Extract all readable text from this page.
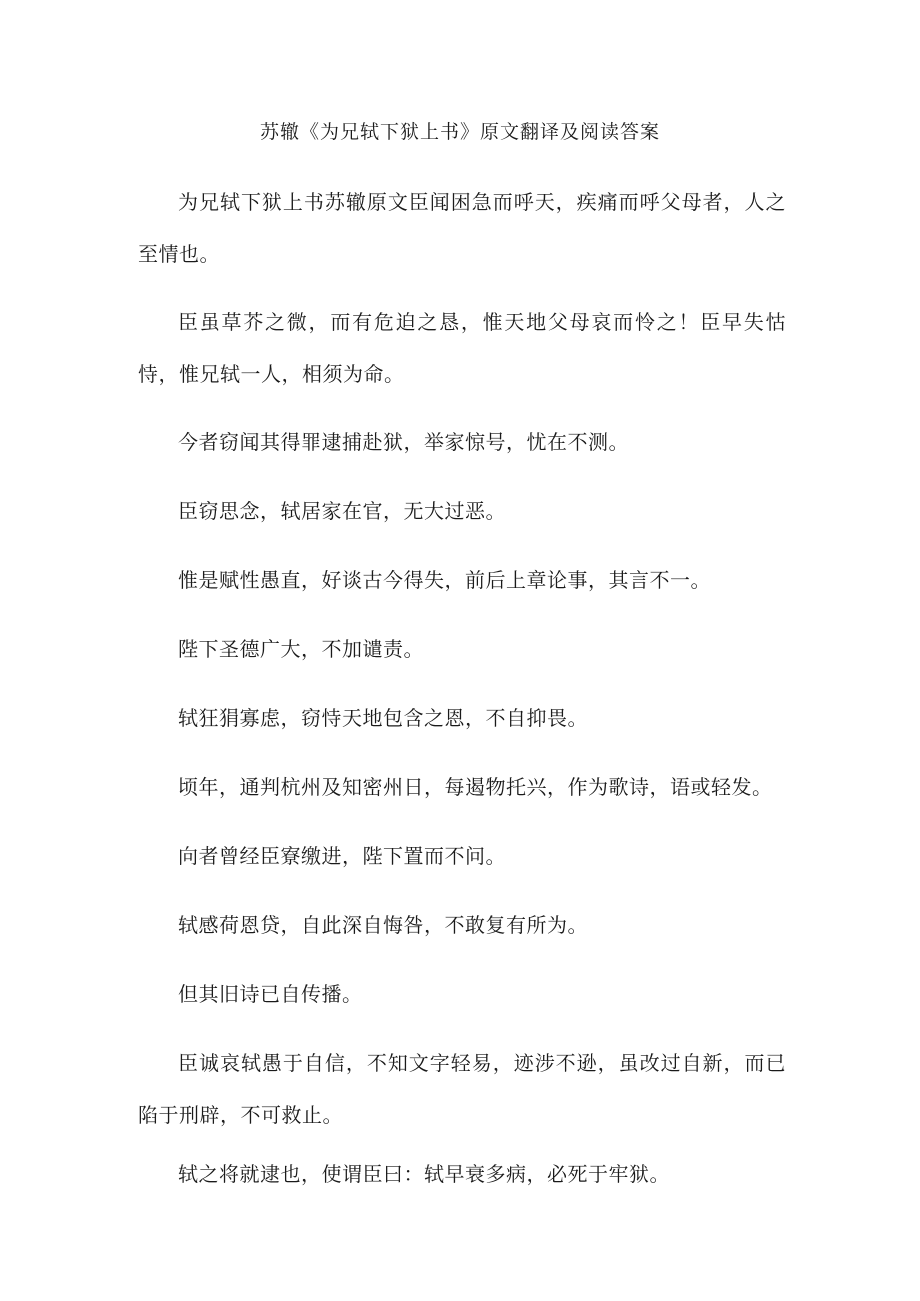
苏辙《为兄轼下狱上书》原文翻译及阅读答案

为兄轼下狱上书苏辙原文臣闻困急而呼天，疾痛而呼父母者，人之至情也。

臣虽草芥之微，而有危迫之恳，惟天地父母哀而怜之！臣早失怙恃，惟兄轼一人，相须为命。

今者窃闻其得罪逮捕赴狱，举家惊号，忧在不测。

臣窃思念，轼居家在官，无大过恶。

惟是赋性愚直，好谈古今得失，前后上章论事，其言不一。

陛下圣德广大，不加谴责。

轼狂狷寡虑，窃恃天地包含之恩，不自抑畏。

顷年，通判杭州及知密州日，每遏物托兴，作为歌诗，语或轻发。

向者曾经臣寮缴进，陛下置而不问。

轼感荷恩贷，自此深自悔咎，不敢复有所为。

但其旧诗已自传播。

臣诚哀轼愚于自信，不知文字轻易，迹涉不逊，虽改过自新，而已陷于刑辟，不可救止。

轼之将就逮也，使谓臣曰：轼早衰多病，必死于牢狱。
